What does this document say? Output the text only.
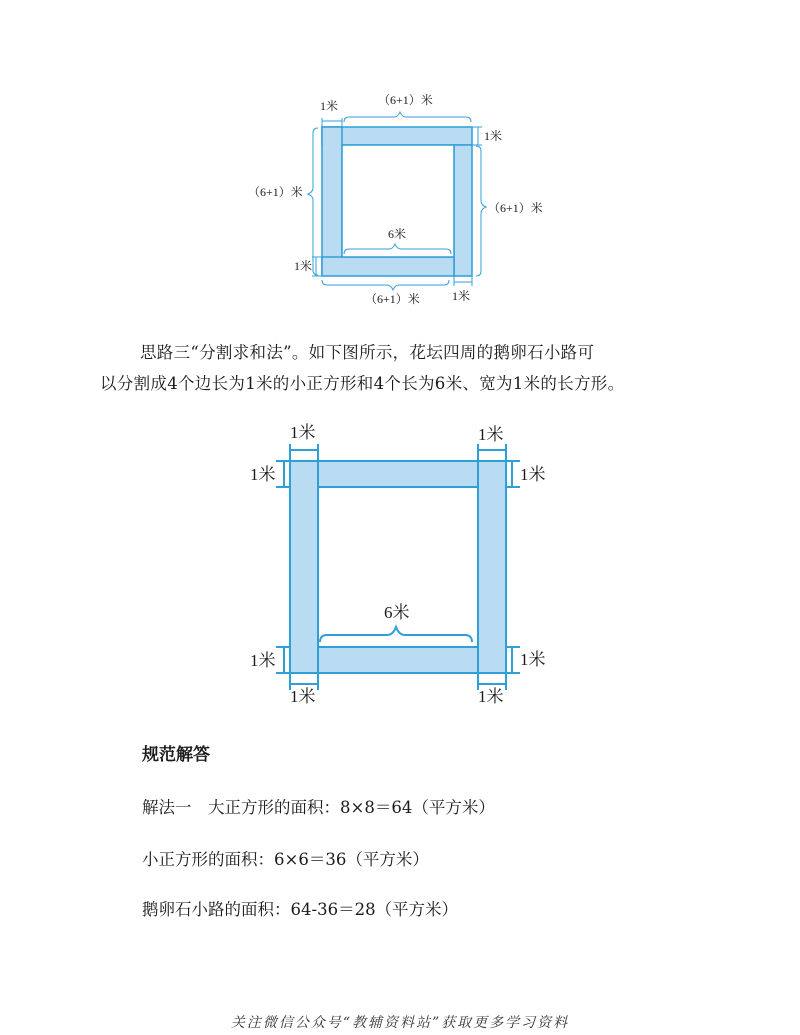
1米	（6+1）米
1米
（6+1）米
（6+1）米
6米
1米
（6+1）米	1米

思路三“分割求和法”。如下图所示，花坛四周的鹅卵石小路可

以分割成4个边长为1米的小正方形和4个长为6米、宽为1米的长方形。

1米	1米
1米	1米
6米
1米	1米
1米	1米
规范解答
解法一　大正方形的面积：8×8＝64（平方米）
小正方形的面积：6×6＝36（平方米）
鹅卵石小路的面积：64-36＝28（平方米）
关注微信公众号“教辅资料站”获取更多学习资料
